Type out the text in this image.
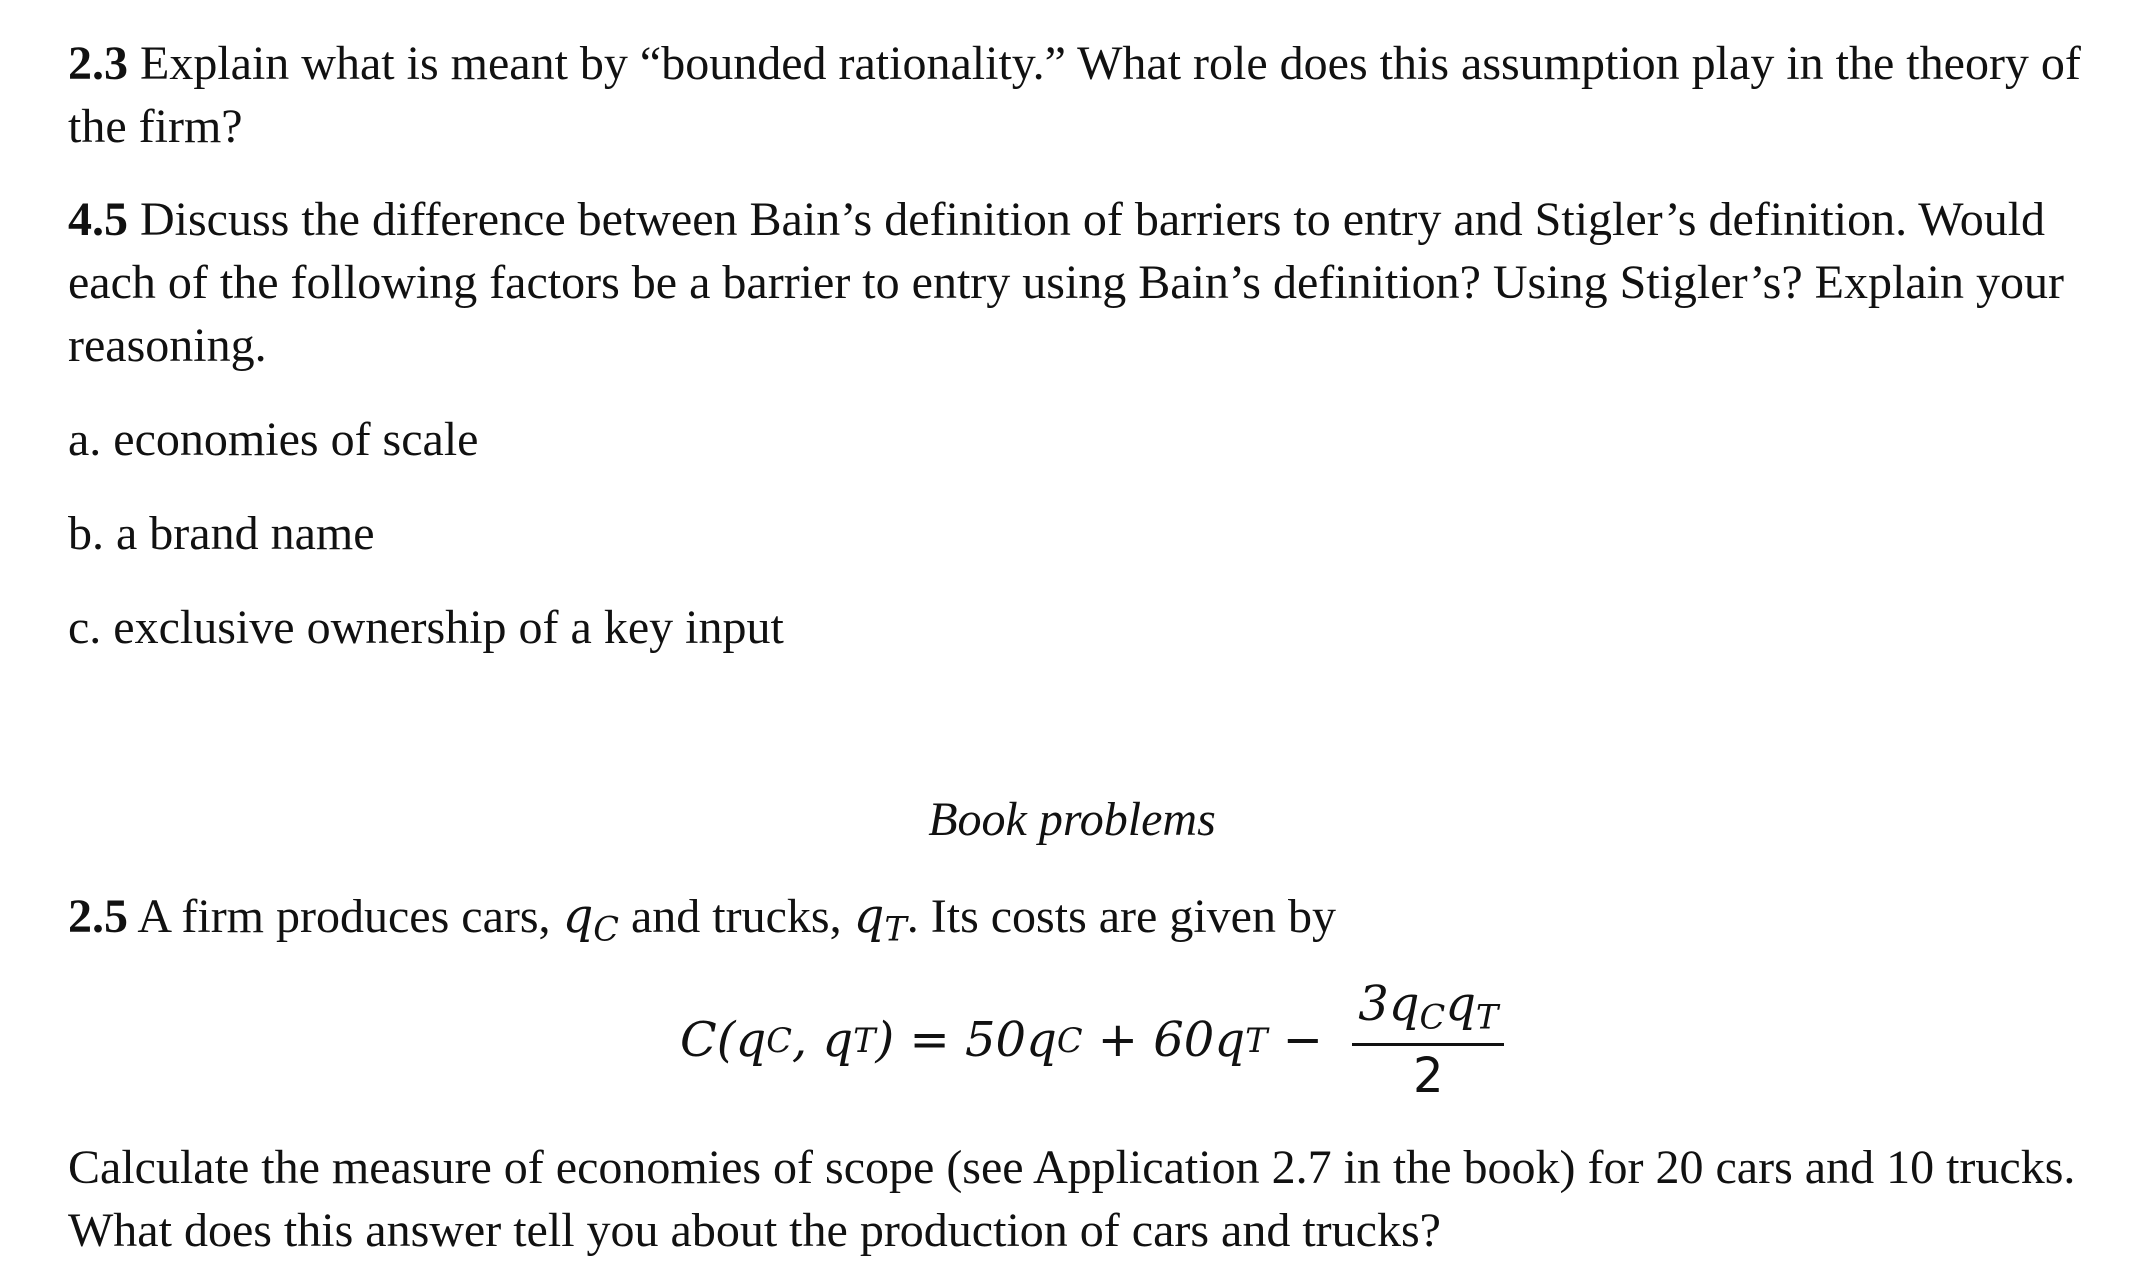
2.3 Explain what is meant by “bounded rationality.” What role does this assumption play in the theory of the firm?

4.5 Discuss the difference between Bain’s definition of barriers to entry and Stigler’s definition. Would each of the following factors be a barrier to entry using Bain’s definition? Using Stigler’s? Explain your reasoning.

a. economies of scale

b. a brand name

c. exclusive ownership of a key input

Book problems

2.5 A firm produces cars, $q_C$ and trucks, $q_T$. Its costs are given by

C(q C , q T ) = 50q C + 60q $T - \frac{3q_Cq_T}{2}$

Calculate the measure of economies of scope (see Application 2.7 in the book) for 20 cars and 10 trucks. What does this answer tell you about the production of cars and trucks?
